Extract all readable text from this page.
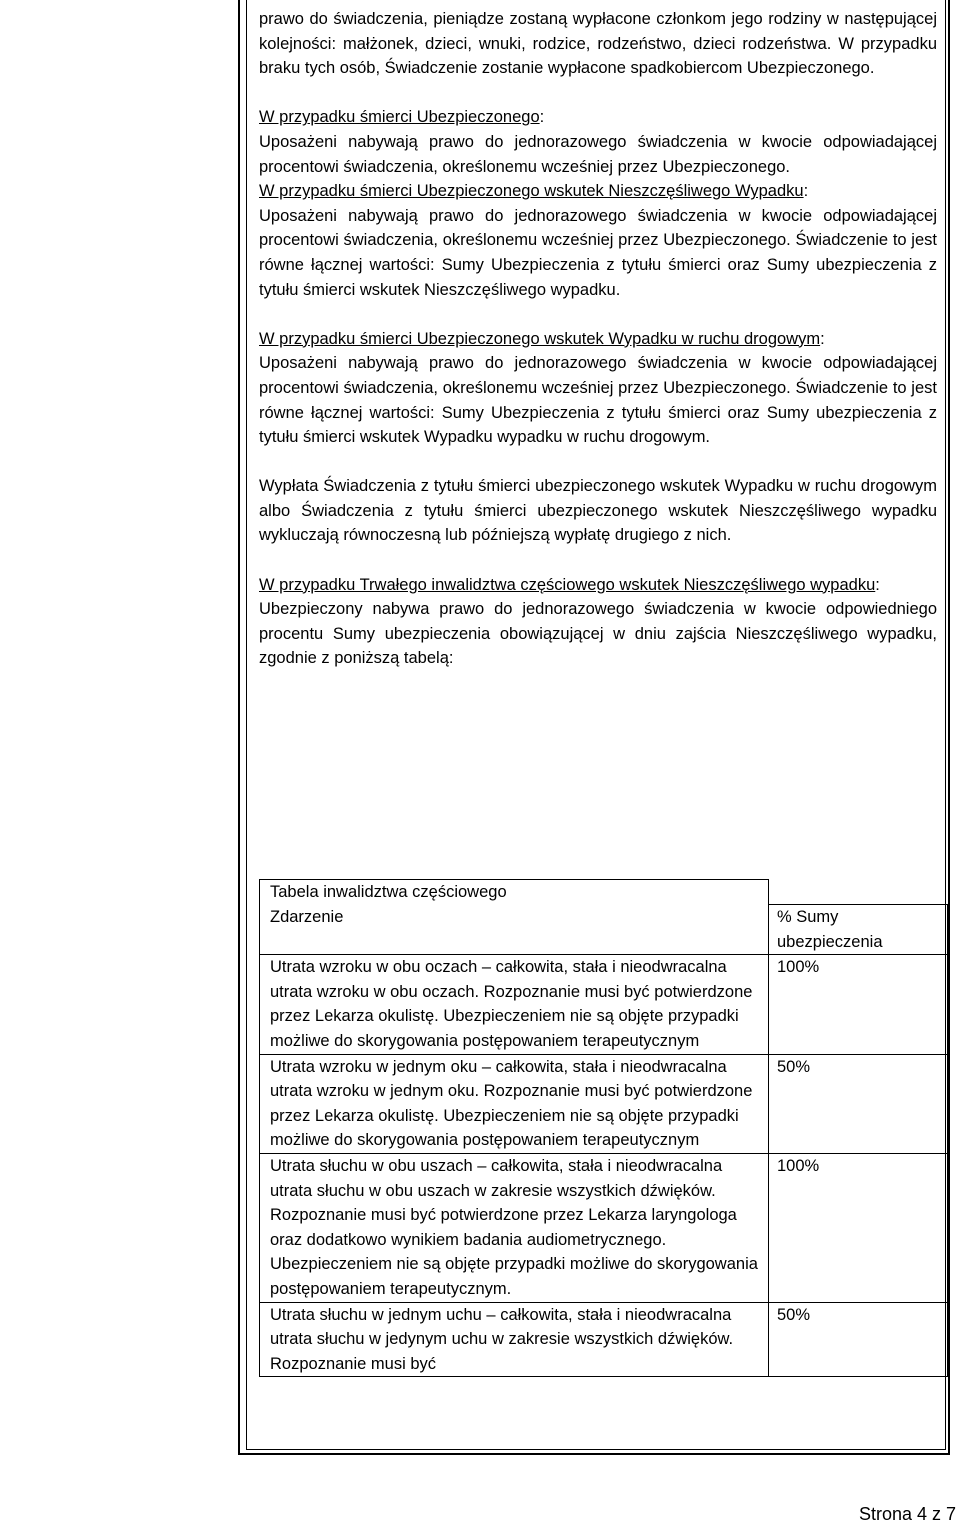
prawo do świadczenia, pieniądze zostaną wypłacone członkom jego rodziny w następującej kolejności: małżonek, dzieci, wnuki, rodzice, rodzeństwo, dzieci rodzeństwa. W przypadku braku tych osób, Świadczenie zostanie wypłacone spadkobiercom Ubezpieczonego.

W przypadku śmierci Ubezpieczonego:

Uposażeni nabywają prawo do jednorazowego świadczenia w kwocie odpowiadającej procentowi świadczenia, określonemu wcześniej przez Ubezpieczonego.

W przypadku śmierci Ubezpieczonego wskutek Nieszczęśliwego Wypadku:

Uposażeni nabywają prawo do jednorazowego świadczenia w kwocie odpowiadającej procentowi świadczenia, określonemu wcześniej przez Ubezpieczonego. Świadczenie to jest równe łącznej wartości: Sumy Ubezpieczenia z tytułu śmierci oraz Sumy ubezpieczenia z tytułu śmierci wskutek Nieszczęśliwego wypadku.

W przypadku śmierci Ubezpieczonego wskutek Wypadku w ruchu drogowym:

Uposażeni nabywają prawo do jednorazowego świadczenia w kwocie odpowiadającej procentowi świadczenia, określonemu wcześniej przez Ubezpieczonego. Świadczenie to jest równe łącznej wartości: Sumy Ubezpieczenia z tytułu śmierci oraz Sumy ubezpieczenia z tytułu śmierci wskutek Wypadku wypadku w ruchu drogowym.

Wypłata Świadczenia z tytułu śmierci ubezpieczonego wskutek Wypadku w ruchu drogowym albo Świadczenia z tytułu śmierci ubezpieczonego wskutek Nieszczęśliwego wypadku wykluczają równoczesną lub późniejszą wypłatę drugiego z nich.

W przypadku Trwałego inwalidztwa częściowego wskutek Nieszczęśliwego wypadku:

Ubezpieczony nabywa prawo do jednorazowego świadczenia w kwocie odpowiedniego procentu Sumy ubezpieczenia obowiązującej w dniu zajścia Nieszczęśliwego wypadku, zgodnie z poniższą tabelą:

Tabela inwalidztwa częściowego	
Zdarzenie	% Sumy ubezpieczenia
Utrata wzroku w obu oczach – całkowita, stała i nieodwracalna utrata wzroku w obu oczach. Rozpoznanie musi być potwierdzone przez Lekarza okulistę. Ubezpieczeniem nie są objęte przypadki możliwe do skorygowania postępowaniem terapeutycznym	100%
Utrata wzroku w jednym oku – całkowita, stała i nieodwracalna utrata wzroku w jednym oku. Rozpoznanie musi być potwierdzone przez Lekarza okulistę. Ubezpieczeniem nie są objęte przypadki możliwe do skorygowania postępowaniem terapeutycznym	50%
Utrata słuchu w obu uszach – całkowita, stała i nieodwracalna utrata słuchu w obu uszach w zakresie wszystkich dźwięków. Rozpoznanie musi być potwierdzone przez Lekarza laryngologa oraz dodatkowo wynikiem badania audiometrycznego. Ubezpieczeniem nie są objęte przypadki możliwe do skorygowania postępowaniem terapeutycznym.	100%
Utrata słuchu w jednym uchu – całkowita, stała i nieodwracalna utrata słuchu w jedynym uchu w zakresie wszystkich dźwięków. Rozpoznanie musi być	50%
Strona 4 z 7
